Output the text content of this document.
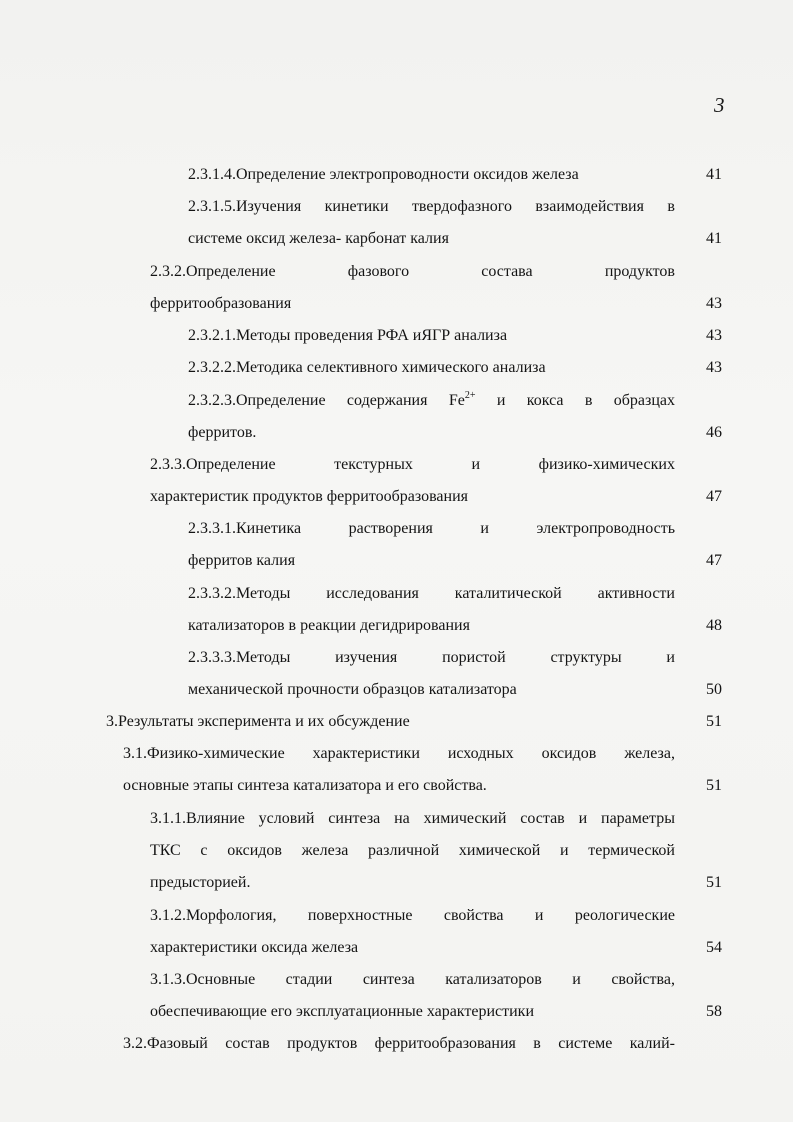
3
2.3.1.4.Определение электропроводности оксидов железа	41
2.3.1.5.Изучения кинетики твердофазного взаимодействия в
системе оксид железа- карбонат калия	41
2.3.2.Определение	фазового	состава	продуктов
ферритообразования	43
2.3.2.1.Методы проведения РФА иЯГР анализа	43
2.3.2.2.Методика селективного химического анализа	43
2.3.2.3.Определение содержания $Fe^{2+}$ и кокса в образцах
ферритов.	46
2.3.3.Определение	текстурных	и	физико-химических
характеристик продуктов ферритообразования	47
2.3.3.1.Кинетика	растворения	и	электропроводность
ферритов калия	47
2.3.3.2.Методы исследования каталитической активности
катализаторов в реакции дегидрирования	48
2.3.3.3.Методы	изучения	пористой	структуры	и
механической прочности образцов катализатора	50
3.Результаты эксперимента и их обсуждение	51
3.1.Физико-химические характеристики исходных оксидов железа,
основные этапы синтеза катализатора и его свойства.	51
3.1.1.Влияние условий синтеза на химический состав и параметры
ТКС с оксидов железа различной химической и термической
предысторией.	51
3.1.2.Морфология, поверхностные свойства и реологические
характеристики оксида железа	54
3.1.3.Основные стадии синтеза катализаторов и свойства,
обеспечивающие его эксплуатационные характеристики	58
3.2.Фазовый состав продуктов ферритообразования в системе калий-
